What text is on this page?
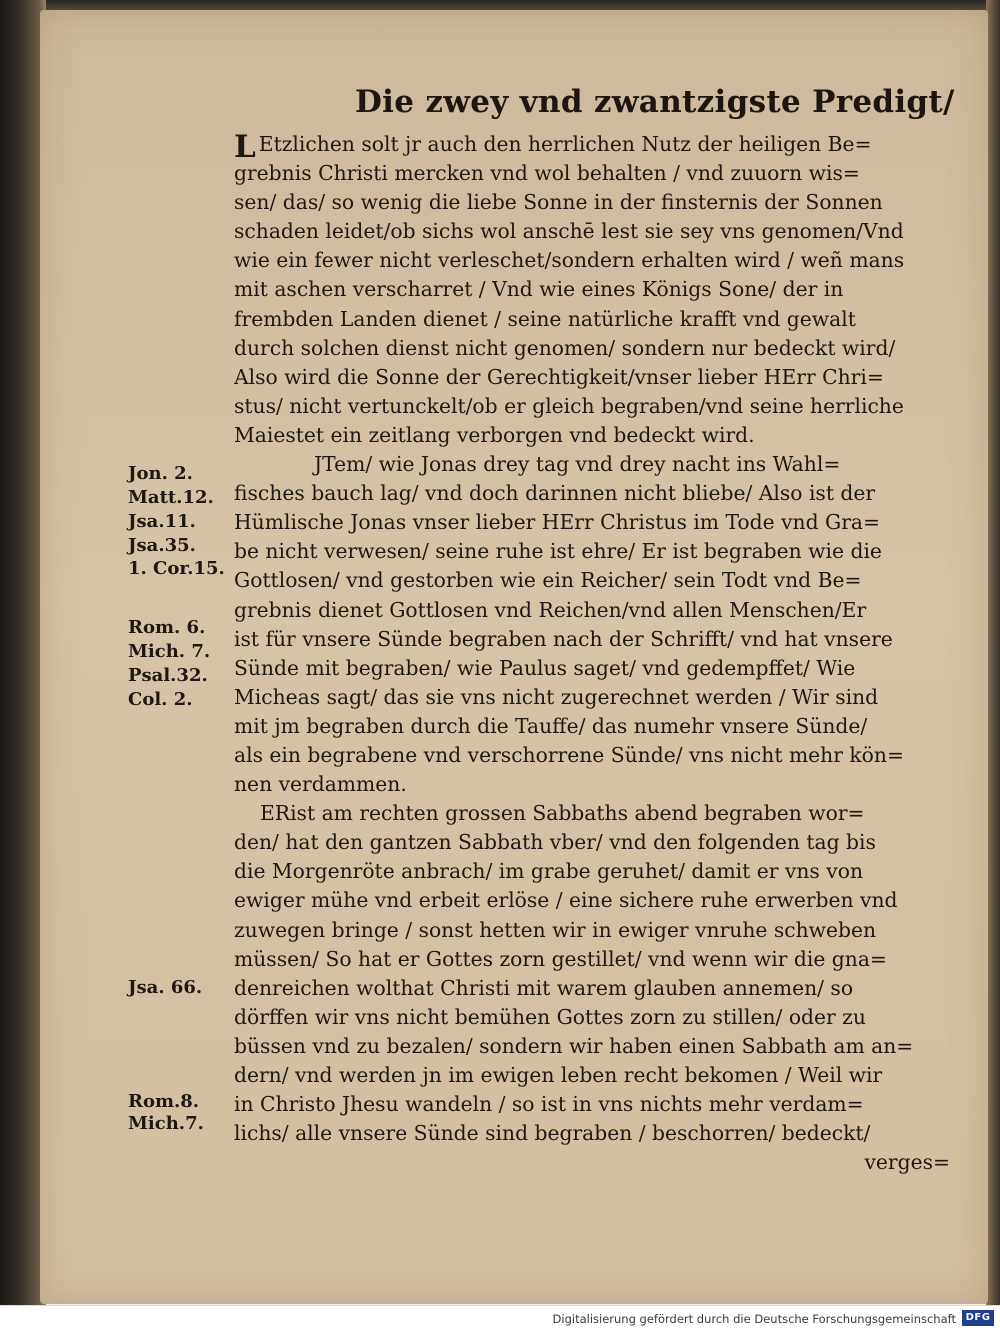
Die zwey vnd zwantzigste Predigt/
Jon. 2.
Matt.12.
Jsa.11.
Jsa.35.
1. Cor.15.
Rom. 6.
Mich. 7.
Psal.32.
Col. 2.
Jsa. 66.
Rom.8.
Mich.7.
L Etzlichen solt jr auch den herrlichen Nutz der heiligen Be=
grebnis Christi mercken vnd wol behalten / vnd zuuorn wis=
sen/ das/ so wenig die liebe Sonne in der finsternis der Sonnen
schaden leidet/ob sichs wol anschē lest sie sey vns genomen/Vnd
wie ein fewer nicht verleschet/sondern erhalten wird / weñ mans
mit aschen verscharret / Vnd wie eines Königs Sone/ der in
frembden Landen dienet / seine natürliche krafft vnd gewalt
durch solchen dienst nicht genomen/ sondern nur bedeckt wird/
Also wird die Sonne der Gerechtigkeit/vnser lieber HErr Chri=
stus/ nicht vertunckelt/ob er gleich begraben/vnd seine herrliche
Maiestet ein zeitlang verborgen vnd bedeckt wird.
JTem/ wie Jonas drey tag vnd drey nacht ins Wahl=
fisches bauch lag/ vnd doch darinnen nicht bliebe/ Also ist der
Hümlische Jonas vnser lieber HErr Christus im Tode vnd Gra=
be nicht verwesen/ seine ruhe ist ehre/ Er ist begraben wie die
Gottlosen/ vnd gestorben wie ein Reicher/ sein Todt vnd Be=
grebnis dienet Gottlosen vnd Reichen/vnd allen Menschen/Er
ist für vnsere Sünde begraben nach der Schrifft/ vnd hat vnsere
Sünde mit begraben/ wie Paulus saget/ vnd gedempffet/ Wie
Micheas sagt/ das sie vns nicht zugerechnet werden / Wir sind
mit jm begraben durch die Tauffe/ das numehr vnsere Sünde/
als ein begrabene vnd verschorrene Sünde/ vns nicht mehr kön=
nen verdammen.
ERist am rechten grossen Sabbaths abend begraben wor=
den/ hat den gantzen Sabbath vber/ vnd den folgenden tag bis
die Morgenröte anbrach/ im grabe geruhet/ damit er vns von
ewiger mühe vnd erbeit erlöse / eine sichere ruhe erwerben vnd
zuwegen bringe / sonst hetten wir in ewiger vnruhe schweben
müssen/ So hat er Gottes zorn gestillet/ vnd wenn wir die gna=
denreichen wolthat Christi mit warem glauben annemen/ so
dörffen wir vns nicht bemühen Gottes zorn zu stillen/ oder zu
büssen vnd zu bezalen/ sondern wir haben einen Sabbath am an=
dern/ vnd werden jn im ewigen leben recht bekomen / Weil wir
in Christo Jhesu wandeln / so ist in vns nichts mehr verdam=
lichs/ alle vnsere Sünde sind begraben / beschorren/ bedeckt/
verges=
Digitalisierung gefördert durch die Deutsche Forschungsgemeinschaft DFG
